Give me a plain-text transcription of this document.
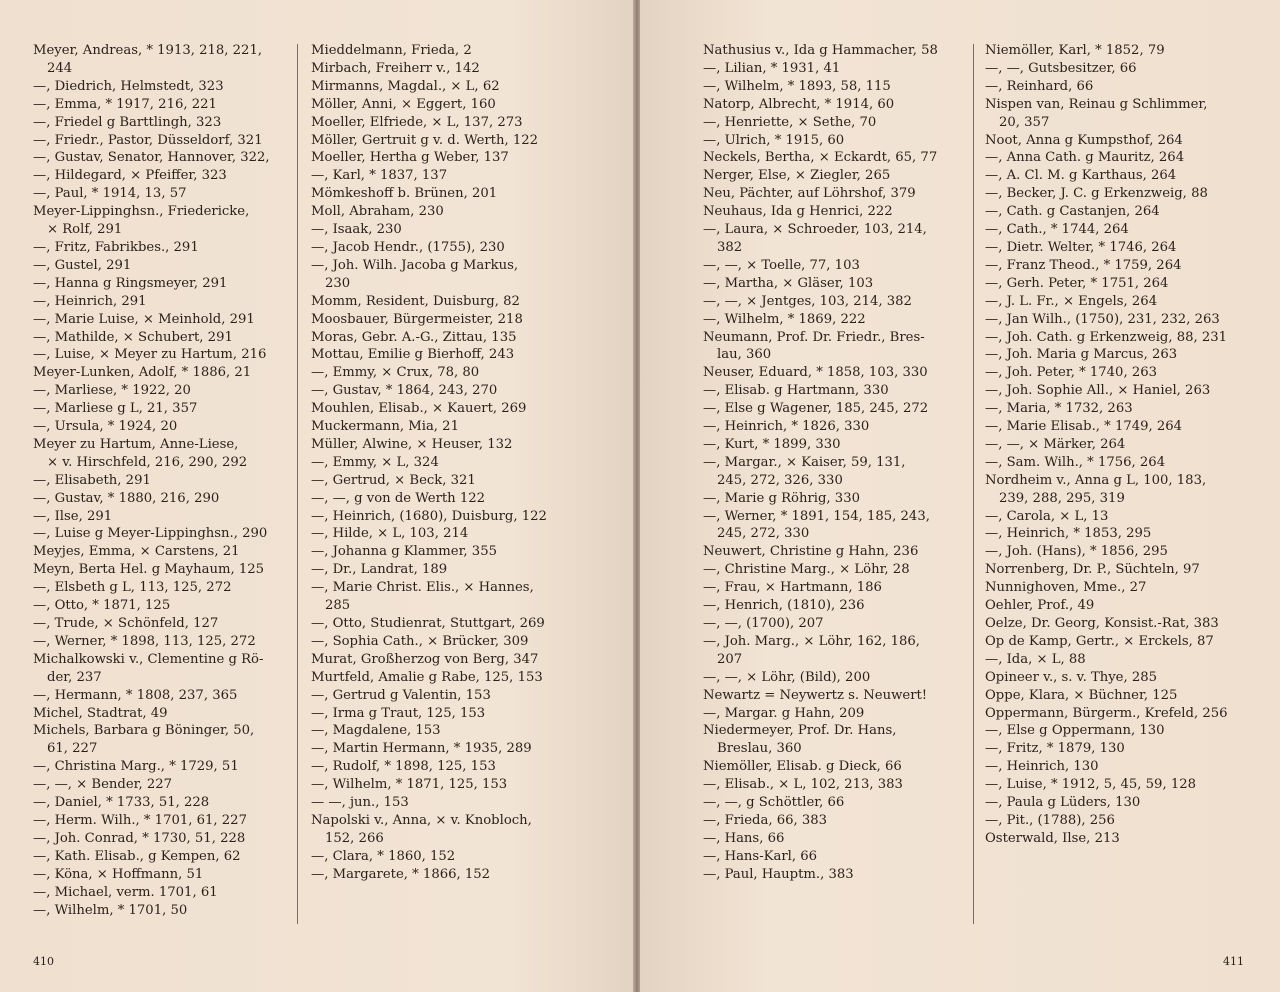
Meyer, Andreas, * 1913, 218, 221,
244
—, Diedrich, Helmstedt, 323
—, Emma, * 1917, 216, 221
—, Friedel g Barttlingh, 323
—, Friedr., Pastor, Düsseldorf, 321
—, Gustav, Senator, Hannover, 322,
—, Hildegard, × Pfeiffer, 323
—, Paul, * 1914, 13, 57
Meyer-Lippinghsn., Friedericke,
× Rolf, 291
—, Fritz, Fabrikbes., 291
—, Gustel, 291
—, Hanna g Ringsmeyer, 291
—, Heinrich, 291
—, Marie Luise, × Meinhold, 291
—, Mathilde, × Schubert, 291
—, Luise, × Meyer zu Hartum, 216
Meyer-Lunken, Adolf, * 1886, 21
—, Marliese, * 1922, 20
—, Marliese g L, 21, 357
—, Ursula, * 1924, 20
Meyer zu Hartum, Anne-Liese,
× v. Hirschfeld, 216, 290, 292
—, Elisabeth, 291
—, Gustav, * 1880, 216, 290
—, Ilse, 291
—, Luise g Meyer-Lippinghsn., 290
Meyjes, Emma, × Carstens, 21
Meyn, Berta Hel. g Mayhaum, 125
—, Elsbeth g L, 113, 125, 272
—, Otto, * 1871, 125
—, Trude, × Schönfeld, 127
—, Werner, * 1898, 113, 125, 272
Michalkowski v., Clementine g Rö-
der, 237
—, Hermann, * 1808, 237, 365
Michel, Stadtrat, 49
Michels, Barbara g Böninger, 50,
61, 227
—, Christina Marg., * 1729, 51
—, —, × Bender, 227
—, Daniel, * 1733, 51, 228
—, Herm. Wilh., * 1701, 61, 227
—, Joh. Conrad, * 1730, 51, 228
—, Kath. Elisab., g Kempen, 62
—, Köna, × Hoffmann, 51
—, Michael, verm. 1701, 61
—, Wilhelm, * 1701, 50
Mieddelmann, Frieda, 2
Mirbach, Freiherr v., 142
Mirmanns, Magdal., × L, 62
Möller, Anni, × Eggert, 160
Moeller, Elfriede, × L, 137, 273
Möller, Gertruit g v. d. Werth, 122
Moeller, Hertha g Weber, 137
—, Karl, * 1837, 137
Mömkeshoff b. Brünen, 201
Moll, Abraham, 230
—, Isaak, 230
—, Jacob Hendr., (1755), 230
—, Joh. Wilh. Jacoba g Markus,
230
Momm, Resident, Duisburg, 82
Moosbauer, Bürgermeister, 218
Moras, Gebr. A.-G., Zittau, 135
Mottau, Emilie g Bierhoff, 243
—, Emmy, × Crux, 78, 80
—, Gustav, * 1864, 243, 270
Mouhlen, Elisab., × Kauert, 269
Muckermann, Mia, 21
Müller, Alwine, × Heuser, 132
—, Emmy, × L, 324
—, Gertrud, × Beck, 321
—, —, g von de Werth 122
—, Heinrich, (1680), Duisburg, 122
—, Hilde, × L, 103, 214
—, Johanna g Klammer, 355
—, Dr., Landrat, 189
—, Marie Christ. Elis., × Hannes,
285
—, Otto, Studienrat, Stuttgart, 269
—, Sophia Cath., × Brücker, 309
Murat, Großherzog von Berg, 347
Murtfeld, Amalie g Rabe, 125, 153
—, Gertrud g Valentin, 153
—, Irma g Traut, 125, 153
—, Magdalene, 153
—, Martin Hermann, * 1935, 289
—, Rudolf, * 1898, 125, 153
—, Wilhelm, * 1871, 125, 153
— —, jun., 153
Napolski v., Anna, × v. Knobloch,
152, 266
—, Clara, * 1860, 152
—, Margarete, * 1866, 152
410
Nathusius v., Ida g Hammacher, 58
—, Lilian, * 1931, 41
—, Wilhelm, * 1893, 58, 115
Natorp, Albrecht, * 1914, 60
—, Henriette, × Sethe, 70
—, Ulrich, * 1915, 60
Neckels, Bertha, × Eckardt, 65, 77
Nerger, Else, × Ziegler, 265
Neu, Pächter, auf Löhrshof, 379
Neuhaus, Ida g Henrici, 222
—, Laura, × Schroeder, 103, 214,
382
—, —, × Toelle, 77, 103
—, Martha, × Gläser, 103
—, —, × Jentges, 103, 214, 382
—, Wilhelm, * 1869, 222
Neumann, Prof. Dr. Friedr., Bres-
lau, 360
Neuser, Eduard, * 1858, 103, 330
—, Elisab. g Hartmann, 330
—, Else g Wagener, 185, 245, 272
—, Heinrich, * 1826, 330
—, Kurt, * 1899, 330
—, Margar., × Kaiser, 59, 131,
245, 272, 326, 330
—, Marie g Röhrig, 330
—, Werner, * 1891, 154, 185, 243,
245, 272, 330
Neuwert, Christine g Hahn, 236
—, Christine Marg., × Löhr, 28
—, Frau, × Hartmann, 186
—, Henrich, (1810), 236
—, —, (1700), 207
—, Joh. Marg., × Löhr, 162, 186,
207
—, —, × Löhr, (Bild), 200
Newartz = Neywertz s. Neuwert!
—, Margar. g Hahn, 209
Niedermeyer, Prof. Dr. Hans,
Breslau, 360
Niemöller, Elisab. g Dieck, 66
—, Elisab., × L, 102, 213, 383
—, —, g Schöttler, 66
—, Frieda, 66, 383
—, Hans, 66
—, Hans-Karl, 66
—, Paul, Hauptm., 383
Niemöller, Karl, * 1852, 79
—, —, Gutsbesitzer, 66
—, Reinhard, 66
Nispen van, Reinau g Schlimmer,
20, 357
Noot, Anna g Kumpsthof, 264
—, Anna Cath. g Mauritz, 264
—, A. Cl. M. g Karthaus, 264
—, Becker, J. C. g Erkenzweig, 88
—, Cath. g Castanjen, 264
—, Cath., * 1744, 264
—, Dietr. Welter, * 1746, 264
—, Franz Theod., * 1759, 264
—, Gerh. Peter, * 1751, 264
—, J. L. Fr., × Engels, 264
—, Jan Wilh., (1750), 231, 232, 263
—, Joh. Cath. g Erkenzweig, 88, 231
—, Joh. Maria g Marcus, 263
—, Joh. Peter, * 1740, 263
—, Joh. Sophie All., × Haniel, 263
—, Maria, * 1732, 263
—, Marie Elisab., * 1749, 264
—, —, × Märker, 264
—, Sam. Wilh., * 1756, 264
Nordheim v., Anna g L, 100, 183,
239, 288, 295, 319
—, Carola, × L, 13
—, Heinrich, * 1853, 295
—, Joh. (Hans), * 1856, 295
Norrenberg, Dr. P., Süchteln, 97
Nunnighoven, Mme., 27
Oehler, Prof., 49
Oelze, Dr. Georg, Konsist.-Rat, 383
Op de Kamp, Gertr., × Erckels, 87
—, Ida, × L, 88
Opineer v., s. v. Thye, 285
Oppe, Klara, × Büchner, 125
Oppermann, Bürgerm., Krefeld, 256
—, Else g Oppermann, 130
—, Fritz, * 1879, 130
—, Heinrich, 130
—, Luise, * 1912, 5, 45, 59, 128
—, Paula g Lüders, 130
—, Pit., (1788), 256
Osterwald, Ilse, 213
411
